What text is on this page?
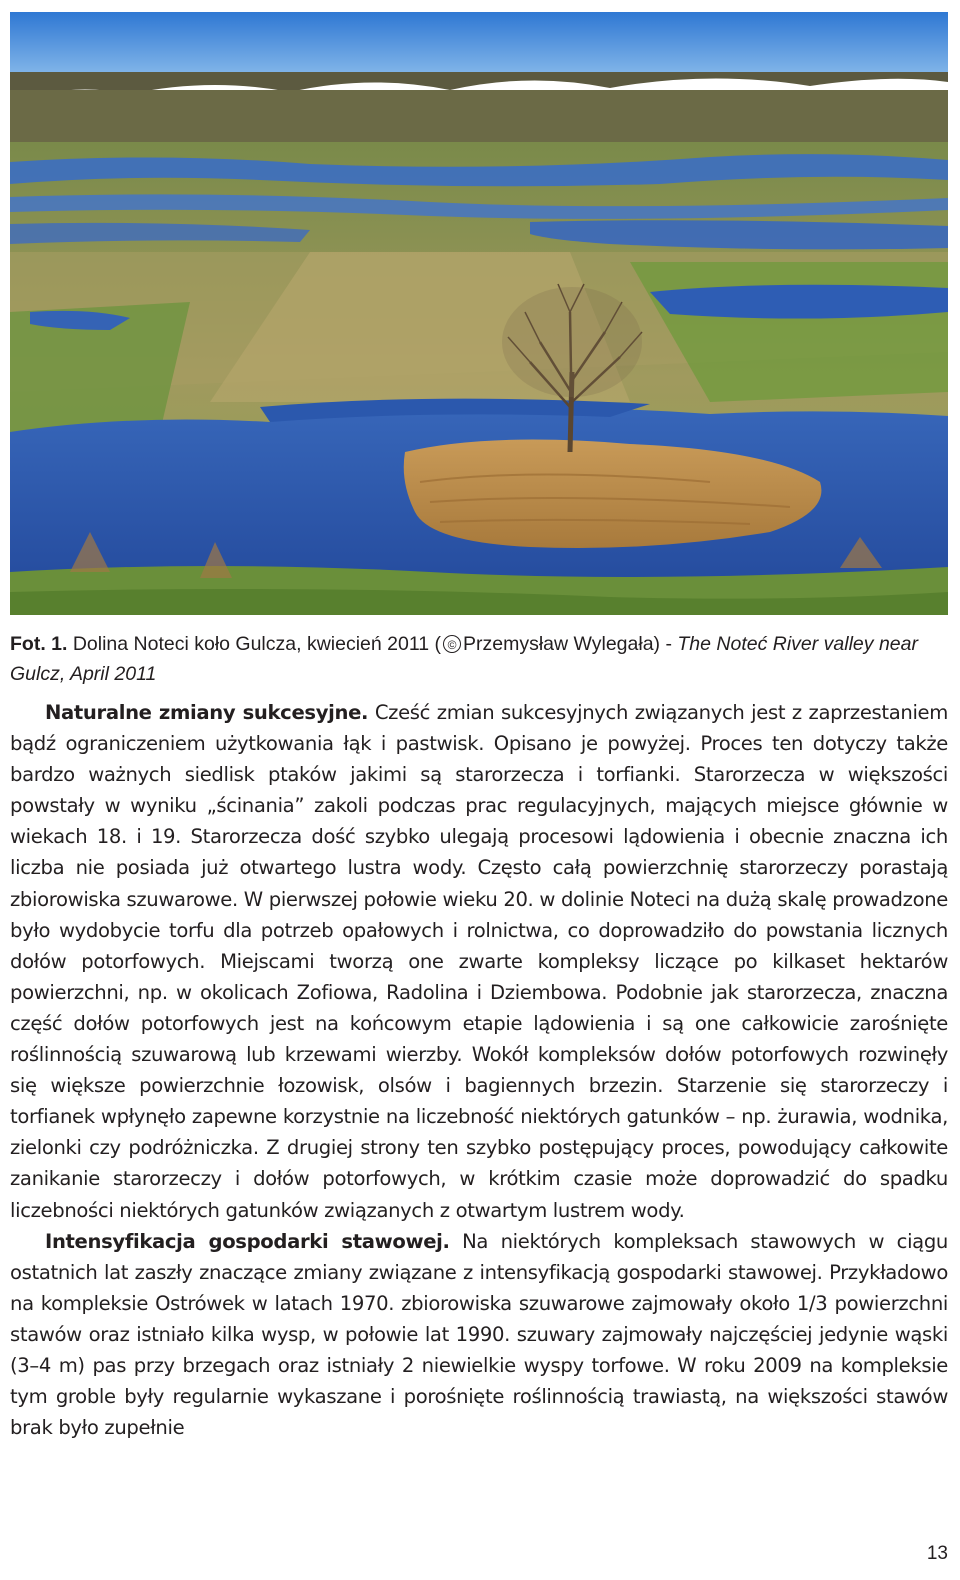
Fot. 1. Dolina Noteci koło Gulcza, kwiecień 2011 ( © Przemysław Wylegała) - The Noteć River valley near Gulcz, April 2011

Naturalne zmiany sukcesyjne. Cześć zmian sukcesyjnych związanych jest z zaprzestaniem bądź ograniczeniem użytkowania łąk i pastwisk. Opisano je powyżej. Proces ten dotyczy także bardzo ważnych siedlisk ptaków jakimi są starorzecza i torfianki. Starorzecza w większości powstały w wyniku „ścinania” zakoli podczas prac regulacyjnych, mających miejsce głównie w wiekach 18. i 19. Starorzecza dość szybko ulegają procesowi lądowienia i obecnie znaczna ich liczba nie posiada już otwartego lustra wody. Często całą powierzchnię starorzeczy porastają zbiorowiska szuwarowe. W pierwszej połowie wieku 20. w dolinie Noteci na dużą skalę prowadzone było wydobycie torfu dla potrzeb opałowych i rolnictwa, co doprowadziło do powstania licznych dołów potorfowych. Miejscami tworzą one zwarte kompleksy liczące po kilkaset hektarów powierzchni, np. w okolicach Zofiowa, Radolina i Dziembowa. Podobnie jak starorzecza, znaczna część dołów potorfowych jest na końcowym etapie lądowienia i są one całkowicie zarośnięte roślinnością szuwarową lub krzewami wierzby. Wokół kompleksów dołów potorfowych rozwinęły się większe powierzchnie łozowisk, olsów i bagiennych brzezin. Starzenie się starorzeczy i torfianek wpłynęło zapewne korzystnie na liczebność niektórych gatunków – np. żurawia, wodnika, zielonki czy podróżniczka. Z drugiej strony ten szybko postępujący proces, powodujący całkowite zanikanie starorzeczy i dołów potorfowych, w krótkim czasie może doprowadzić do spadku liczebności niektórych gatunków związanych z otwartym lustrem wody.

Intensyfikacja gospodarki stawowej. Na niektórych kompleksach stawowych w ciągu ostatnich lat zaszły znaczące zmiany związane z intensyfikacją gospodarki stawowej. Przykładowo na kompleksie Ostrówek w latach 1970. zbiorowiska szuwarowe zajmowały około 1/3 powierzchni stawów oraz istniało kilka wysp, w połowie lat 1990. szuwary zajmowały najczęściej jedynie wąski (3–4 m) pas przy brzegach oraz istniały 2 niewielkie wyspy torfowe. W roku 2009 na kompleksie tym groble były regularnie wykaszane i porośnięte roślinnością trawiastą, na większości stawów brak było zupełnie

13
